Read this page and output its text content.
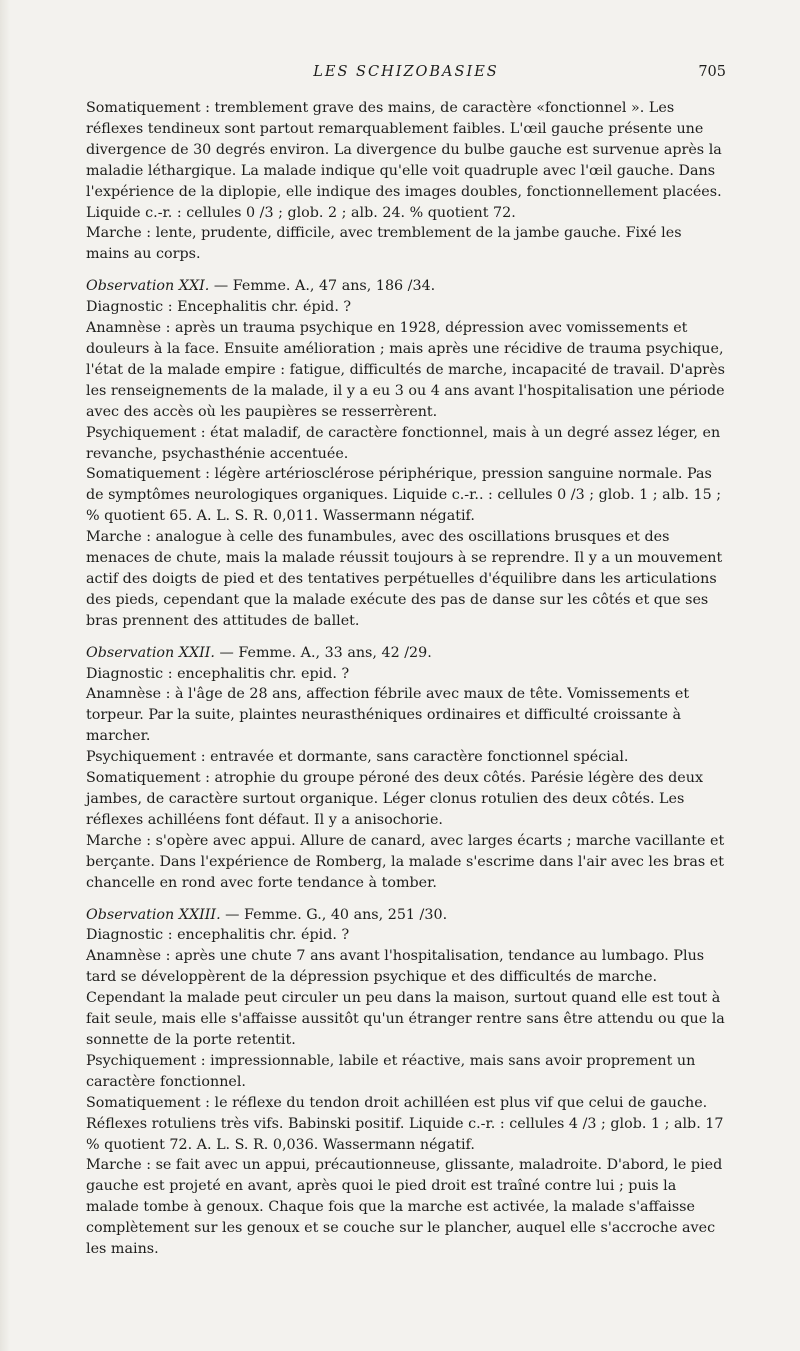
LES SCHIZOBASIES	705

Somatiquement : tremblement grave des mains, de caractère «fonctionnel ». Les réflexes tendineux sont partout remarquablement faibles. L'œil gauche présente une divergence de 30 degrés environ. La divergence du bulbe gauche est survenue après la maladie léthargique. La malade indique qu'elle voit quadruple avec l'œil gauche. Dans l'expérience de la diplopie, elle indique des images doubles, fonctionnellement placées. Liquide c.-r. : cellules 0 /3 ; glob. 2 ; alb. 24. % quotient 72.

Marche : lente, prudente, difficile, avec tremblement de la jambe gauche. Fixé les mains au corps.

Observation XXI. — Femme. A., 47 ans, 186 /34.

Diagnostic : Encephalitis chr. épid. ?

Anamnèse : après un trauma psychique en 1928, dépression avec vomissements et douleurs à la face. Ensuite amélioration ; mais après une récidive de trauma psychique, l'état de la malade empire : fatigue, difficultés de marche, incapacité de travail. D'après les renseignements de la malade, il y a eu 3 ou 4 ans avant l'hospitalisation une période avec des accès où les paupières se resserrèrent.

Psychiquement : état maladif, de caractère fonctionnel, mais à un degré assez léger, en revanche, psychasthénie accentuée.

Somatiquement : légère artériosclérose périphérique, pression sanguine normale. Pas de symptômes neurologiques organiques. Liquide c.-r.. : cellules 0 /3 ; glob. 1 ; alb. 15 ; % quotient 65. A. L. S. R. 0,011. Wassermann négatif.

Marche : analogue à celle des funambules, avec des oscillations brusques et des menaces de chute, mais la malade réussit toujours à se reprendre. Il y a un mouvement actif des doigts de pied et des tentatives perpétuelles d'équilibre dans les articulations des pieds, cependant que la malade exécute des pas de danse sur les côtés et que ses bras prennent des attitudes de ballet.

Observation XXII. — Femme. A., 33 ans, 42 /29.

Diagnostic : encephalitis chr. epid. ?

Anamnèse : à l'âge de 28 ans, affection fébrile avec maux de tête. Vomissements et torpeur. Par la suite, plaintes neurasthéniques ordinaires et difficulté croissante à marcher.

Psychiquement : entravée et dormante, sans caractère fonctionnel spécial.

Somatiquement : atrophie du groupe péroné des deux côtés. Parésie légère des deux jambes, de caractère surtout organique. Léger clonus rotulien des deux côtés. Les réflexes achilléens font défaut. Il y a anisochorie.

Marche : s'opère avec appui. Allure de canard, avec larges écarts ; marche vacillante et berçante. Dans l'expérience de Romberg, la malade s'escrime dans l'air avec les bras et chancelle en rond avec forte tendance à tomber.

Observation XXIII. — Femme. G., 40 ans, 251 /30.

Diagnostic : encephalitis chr. épid. ?

Anamnèse : après une chute 7 ans avant l'hospitalisation, tendance au lumbago. Plus tard se développèrent de la dépression psychique et des difficultés de marche. Cependant la malade peut circuler un peu dans la maison, surtout quand elle est tout à fait seule, mais elle s'affaisse aussitôt qu'un étranger rentre sans être attendu ou que la sonnette de la porte retentit.

Psychiquement : impressionnable, labile et réactive, mais sans avoir proprement un caractère fonctionnel.

Somatiquement : le réflexe du tendon droit achilléen est plus vif que celui de gauche. Réflexes rotuliens très vifs. Babinski positif. Liquide c.-r. : cellules 4 /3 ; glob. 1 ; alb. 17 % quotient 72. A. L. S. R. 0,036. Wassermann négatif.

Marche : se fait avec un appui, précautionneuse, glissante, maladroite. D'abord, le pied gauche est projeté en avant, après quoi le pied droit est traîné contre lui ; puis la malade tombe à genoux. Chaque fois que la marche est activée, la malade s'affaisse complètement sur les genoux et se couche sur le plancher, auquel elle s'accroche avec les mains.
